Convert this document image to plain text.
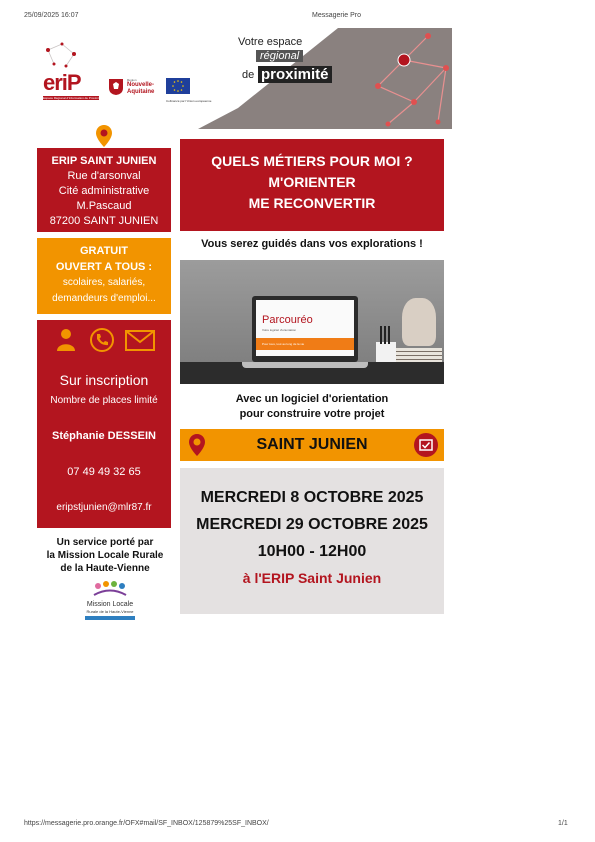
25/09/2025 16:07	Messagerie Pro
eriP
Espace Régional d'Information de Proximité
Région
Nouvelle-
Aquitaine
Cofinancé par l'Union européenne
Votre espace
régional
de proximité
ERIP SAINT JUNIEN
Rue d'arsonval
Cité administrative
M.Pascaud
87200 SAINT JUNIEN
GRATUIT
OUVERT A TOUS :
scolaires, salariés,
demandeurs d'emploi...
Sur inscription
Nombre de places limité
Stéphanie DESSEIN
07 49 49 32 65
eripstjunien@mlr87.fr
Un service porté par
la Mission Locale Rurale
de la Haute-Vienne
Mission Locale
Rurale de la Haute-Vienne
QUELS MÉTIERS POUR MOI ?
M'ORIENTER
ME RECONVERTIR
Vous serez guidés dans vos explorations !
Parcouréo
Votre logiciel d'orientation
Pour tous, tout au long de la vie
Avec un logiciel d'orientation
pour construire votre projet
SAINT JUNIEN
MERCREDI 8 OCTOBRE 2025
MERCREDI 29 OCTOBRE 2025
10H00 - 12H00
à l'ERIP Saint Junien
https://messagerie.pro.orange.fr/OFX#mail/SF_INBOX/125879%25SF_INBOX/	1/1
